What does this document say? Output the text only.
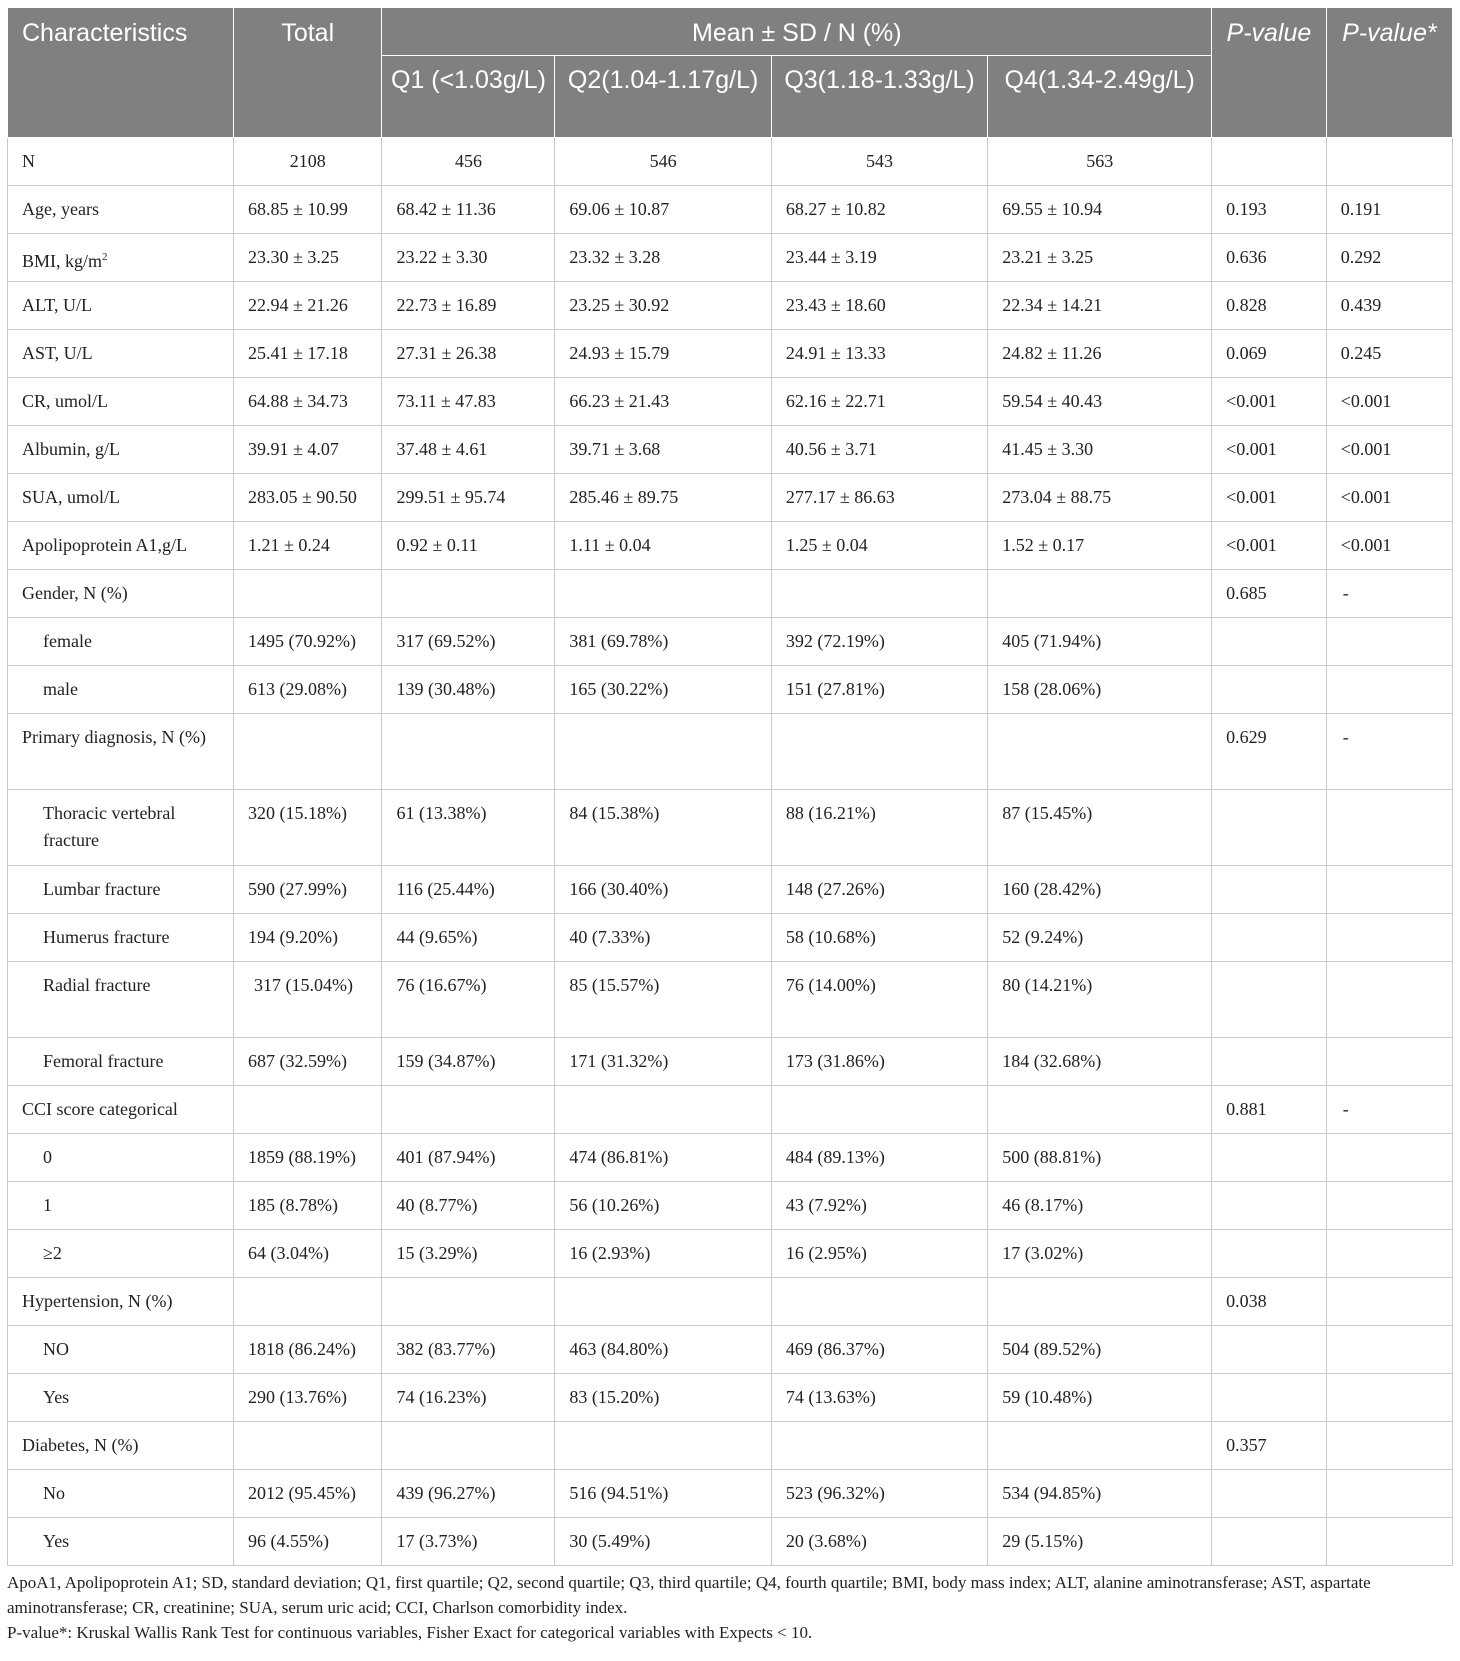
Characteristics	Total	Mean ± SD / N (%)				P-value	P-value*
		Q1 (<1.03g/L)	Q2(1.04-1.17g/L)	Q3(1.18-1.33g/L)	Q4(1.34-2.49g/L)		
N	2108	456	546	543	563		
Age, years	68.85 ± 10.99	68.42 ± 11.36	69.06 ± 10.87	68.27 ± 10.82	69.55 ± 10.94	0.193	0.191
BMI, $kg/m^2$	23.30 ± 3.25	23.22 ± 3.30	23.32 ± 3.28	23.44 ± 3.19	23.21 ± 3.25	0.636	0.292
ALT, U/L	22.94 ± 21.26	22.73 ± 16.89	23.25 ± 30.92	23.43 ± 18.60	22.34 ± 14.21	0.828	0.439
AST, U/L	25.41 ± 17.18	27.31 ± 26.38	24.93 ± 15.79	24.91 ± 13.33	24.82 ± 11.26	0.069	0.245
CR, umol/L	64.88 ± 34.73	73.11 ± 47.83	66.23 ± 21.43	62.16 ± 22.71	59.54 ± 40.43	<0.001	<0.001
Albumin, g/L	39.91 ± 4.07	37.48 ± 4.61	39.71 ± 3.68	40.56 ± 3.71	41.45 ± 3.30	<0.001	<0.001
SUA, umol/L	283.05 ± 90.50	299.51 ± 95.74	285.46 ± 89.75	277.17 ± 86.63	273.04 ± 88.75	<0.001	<0.001
Apolipoprotein A1,g/L	1.21 ± 0.24	0.92 ± 0.11	1.11 ± 0.04	1.25 ± 0.04	1.52 ± 0.17	<0.001	<0.001
Gender, N (%)						0.685	-
female	1495 (70.92%)	317 (69.52%)	381 (69.78%)	392 (72.19%)	405 (71.94%)		
male	613 (29.08%)	139 (30.48%)	165 (30.22%)	151 (27.81%)	158 (28.06%)		
Primary diagnosis, N (%)						0.629	-
Thoracic vertebral fracture	320 (15.18%)	61 (13.38%)	84 (15.38%)	88 (16.21%)	87 (15.45%)		
Lumbar fracture	590 (27.99%)	116 (25.44%)	166 (30.40%)	148 (27.26%)	160 (28.42%)		
Humerus fracture	194 (9.20%)	44 (9.65%)	40 (7.33%)	58 (10.68%)	52 (9.24%)		
Radial fracture	317 (15.04%)	76 (16.67%)	85 (15.57%)	76 (14.00%)	80 (14.21%)		
Femoral fracture	687 (32.59%)	159 (34.87%)	171 (31.32%)	173 (31.86%)	184 (32.68%)		
CCI score categorical						0.881	-
0	1859 (88.19%)	401 (87.94%)	474 (86.81%)	484 (89.13%)	500 (88.81%)		
1	185 (8.78%)	40 (8.77%)	56 (10.26%)	43 (7.92%)	46 (8.17%)		
≥2	64 (3.04%)	15 (3.29%)	16 (2.93%)	16 (2.95%)	17 (3.02%)		
Hypertension, N (%)						0.038	
NO	1818 (86.24%)	382 (83.77%)	463 (84.80%)	469 (86.37%)	504 (89.52%)		
Yes	290 (13.76%)	74 (16.23%)	83 (15.20%)	74 (13.63%)	59 (10.48%)		
Diabetes, N (%)						0.357	
No	2012 (95.45%)	439 (96.27%)	516 (94.51%)	523 (96.32%)	534 (94.85%)		
Yes	96 (4.55%)	17 (3.73%)	30 (5.49%)	20 (3.68%)	29 (5.15%)		
ApoA1, Apolipoprotein A1; SD, standard deviation; Q1, first quartile; Q2, second quartile; Q3, third quartile; Q4, fourth quartile; BMI, body mass index; ALT, alanine aminotransferase; AST, aspartate aminotransferase; CR, creatinine; SUA, serum uric acid; CCI, Charlson comorbidity index.
P-value*: Kruskal Wallis Rank Test for continuous variables, Fisher Exact for categorical variables with Expects < 10.
